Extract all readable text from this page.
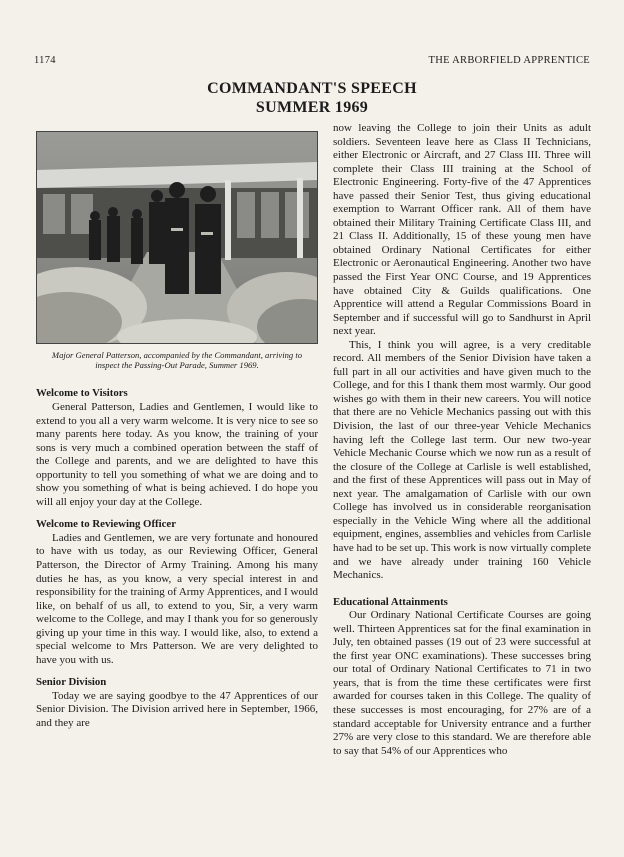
1174	THE ARBORFIELD APPRENTICE
COMMANDANT'S SPEECH
SUMMER 1969
Major General Patterson, accompanied by the Commandant, arriving to inspect the Passing-Out Parade, Summer 1969.
Welcome to Visitors

General Patterson, Ladies and Gentlemen, I would like to extend to you all a very warm welcome. It is very nice to see so many parents here today. As you know, the training of your sons is very much a combined operation between the staff of the College and parents, and we are delighted to have this opportunity to tell you something of what we are doing and to show you something of what is being achieved. I do hope you will all enjoy your day at the College.

Welcome to Reviewing Officer

Ladies and Gentlemen, we are very fortunate and honoured to have with us today, as our Reviewing Officer, General Patterson, the Director of Army Training. Among his many duties he has, as you know, a very special interest in and responsibility for the training of Army Apprentices, and I would like, on behalf of us all, to extend to you, Sir, a very warm welcome to the College, and may I thank you for so generously giving up your time in this way. I would like, also, to extend a special welcome to Mrs Patterson. We are very delighted to have you with us.

Senior Division

Today we are saying goodbye to the 47 Apprentices of our Senior Division. The Division arrived here in September, 1966, and they are

now leaving the College to join their Units as adult soldiers. Seventeen leave here as Class II Technicians, either Electronic or Aircraft, and 27 Class III. Three will complete their Class III training at the School of Electronic Engineering. Forty-five of the 47 Apprentices have passed their Senior Test, thus giving educational exemption to Warrant Officer rank. All of them have obtained their Military Training Certificate Class III, and 21 Class II. Additionally, 15 of these young men have obtained Ordinary National Certificates for either Electronic or Aeronautical Engineering. Another two have passed the First Year ONC Course, and 19 Apprentices have obtained City & Guilds qualifications. One Apprentice will attend a Regular Commissions Board in September and if successful will go to Sandhurst in April next year.

This, I think you will agree, is a very creditable record. All members of the Senior Division have taken a full part in all our activities and have given much to the College, and for this I thank them most warmly. Our good wishes go with them in their new careers. You will notice that there are no Vehicle Mechanics passing out with this Division, the last of our three-year Vehicle Mechanics having left the College last term. Our new two-year Vehicle Mechanic Course which we now run as a result of the closure of the College at Carlisle is well established, and the first of these Apprentices will pass out in May of next year. The amalgamation of Carlisle with our own College has involved us in considerable reorganisation especially in the Vehicle Wing where all the additional equipment, engines, assemblies and vehicles from Carlisle have had to be set up. This work is now virtually complete and we have already under training 160 Vehicle Mechanics.

Educational Attainments

Our Ordinary National Certificate Courses are going well. Thirteen Apprentices sat for the final examination in July, ten obtained passes (19 out of 23 were successful at the first year ONC examinations). These successes bring our total of Ordinary National Certificates to 71 in two years, that is from the time these certificates were first awarded for courses taken in this College. The quality of these successes is most encouraging, for 27% are of a standard acceptable for University entrance and a further 27% are very close to this standard. We are therefore able to say that 54% of our Apprentices who
